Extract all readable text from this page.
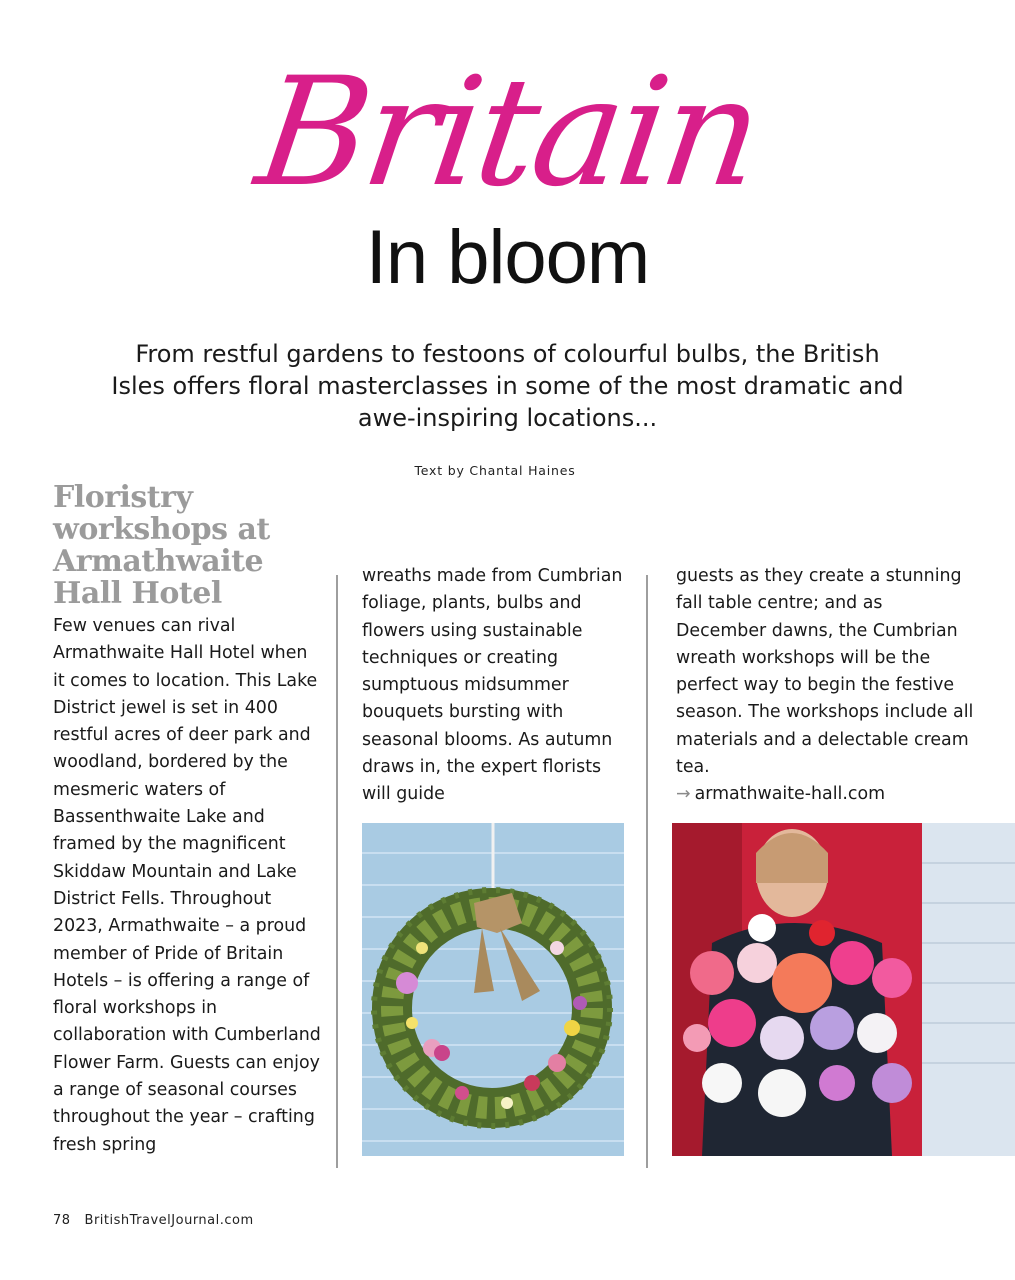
Britain
In bloom
From restful gardens to festoons of colourful bulbs, the British Isles offers floral masterclasses in some of the most dramatic and awe-inspiring locations...
Text by Chantal Haines
Floristry workshops at Armathwaite Hall Hotel
Few venues can rival Armathwaite Hall Hotel when it comes to location. This Lake District jewel is set in 400 restful acres of deer park and woodland, bordered by the mesmeric waters of Bassenthwaite Lake and framed by the magnificent Skiddaw Mountain and Lake District Fells. Throughout 2023, Armathwaite – a proud member of Pride of Britain Hotels – is offering a range of floral workshops in collaboration with Cumberland Flower Farm. Guests can enjoy a range of seasonal courses throughout the year – crafting fresh spring
wreaths made from Cumbrian foliage, plants, bulbs and flowers using sustainable techniques or creating sumptuous midsummer bouquets bursting with seasonal blooms. As autumn draws in, the expert florists will guide
guests as they create a stunning fall table centre; and as December dawns, the Cumbrian wreath workshops will be the perfect way to begin the festive season. The workshops include all materials and a delectable cream tea.
→ armathwaite-hall.com
78 BritishTravelJournal.com
